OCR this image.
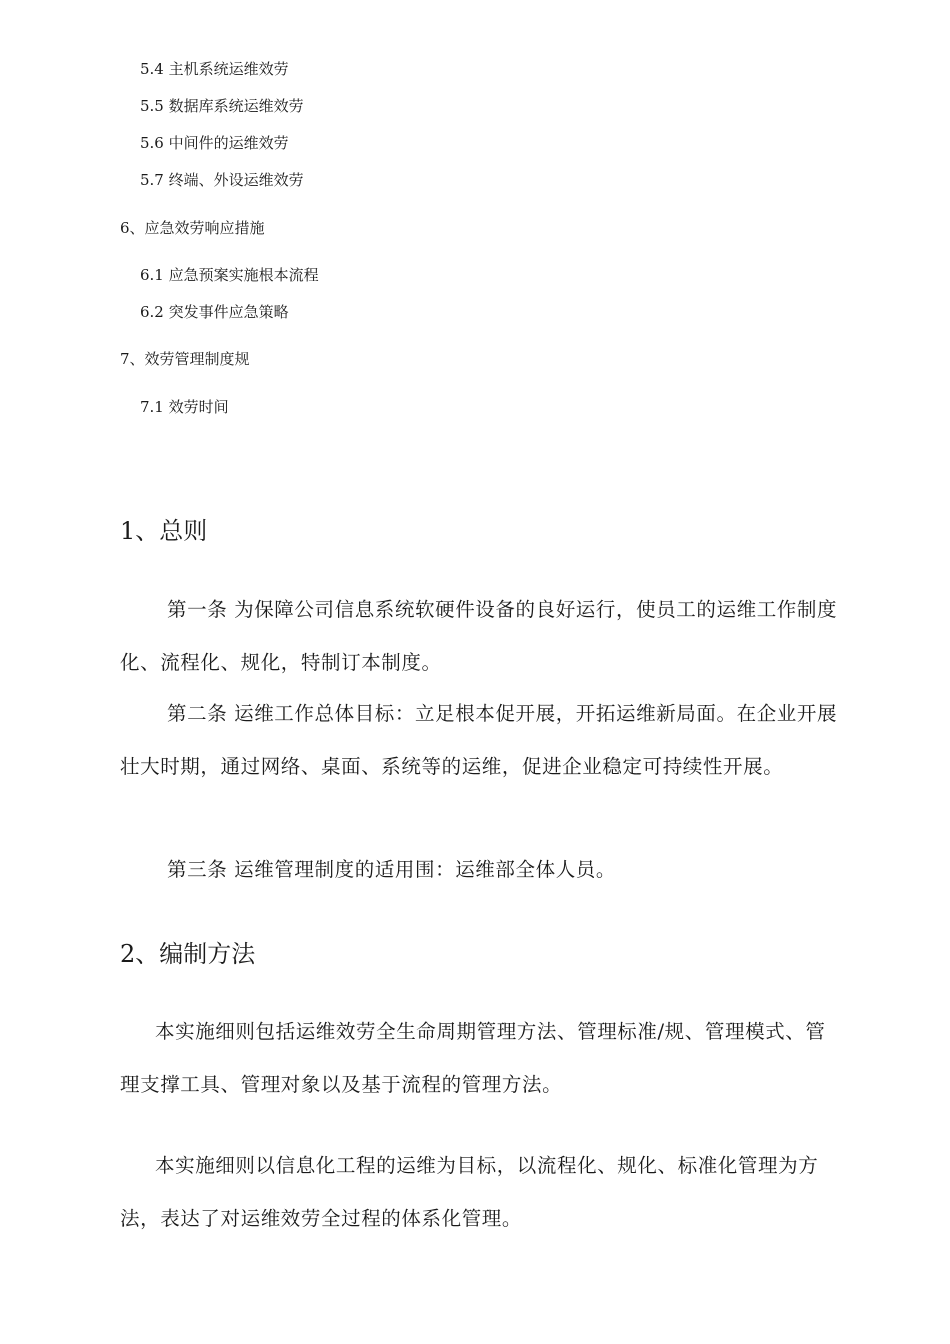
5.4 主机系统运维效劳
5.5 数据库系统运维效劳
5.6 中间件的运维效劳
5.7 终端、外设运维效劳
6、应急效劳响应措施
6.1 应急预案实施根本流程
6.2 突发事件应急策略
7、效劳管理制度规
7.1 效劳时间
1、总则
第一条 为保障公司信息系统软硬件设备的良好运行，使员工的运维工作制度化、流程化、规化，特制订本制度。
第二条 运维工作总体目标：立足根本促开展，开拓运维新局面。在企业开展壮大时期，通过网络、桌面、系统等的运维，促进企业稳定可持续性开展。
第三条 运维管理制度的适用围：运维部全体人员。
2、编制方法
本实施细则包括运维效劳全生命周期管理方法、管理标准/规、管理模式、管理支撑工具、管理对象以及基于流程的管理方法。
本实施细则以信息化工程的运维为目标，以流程化、规化、标准化管理为方法，表达了对运维效劳全过程的体系化管理。
